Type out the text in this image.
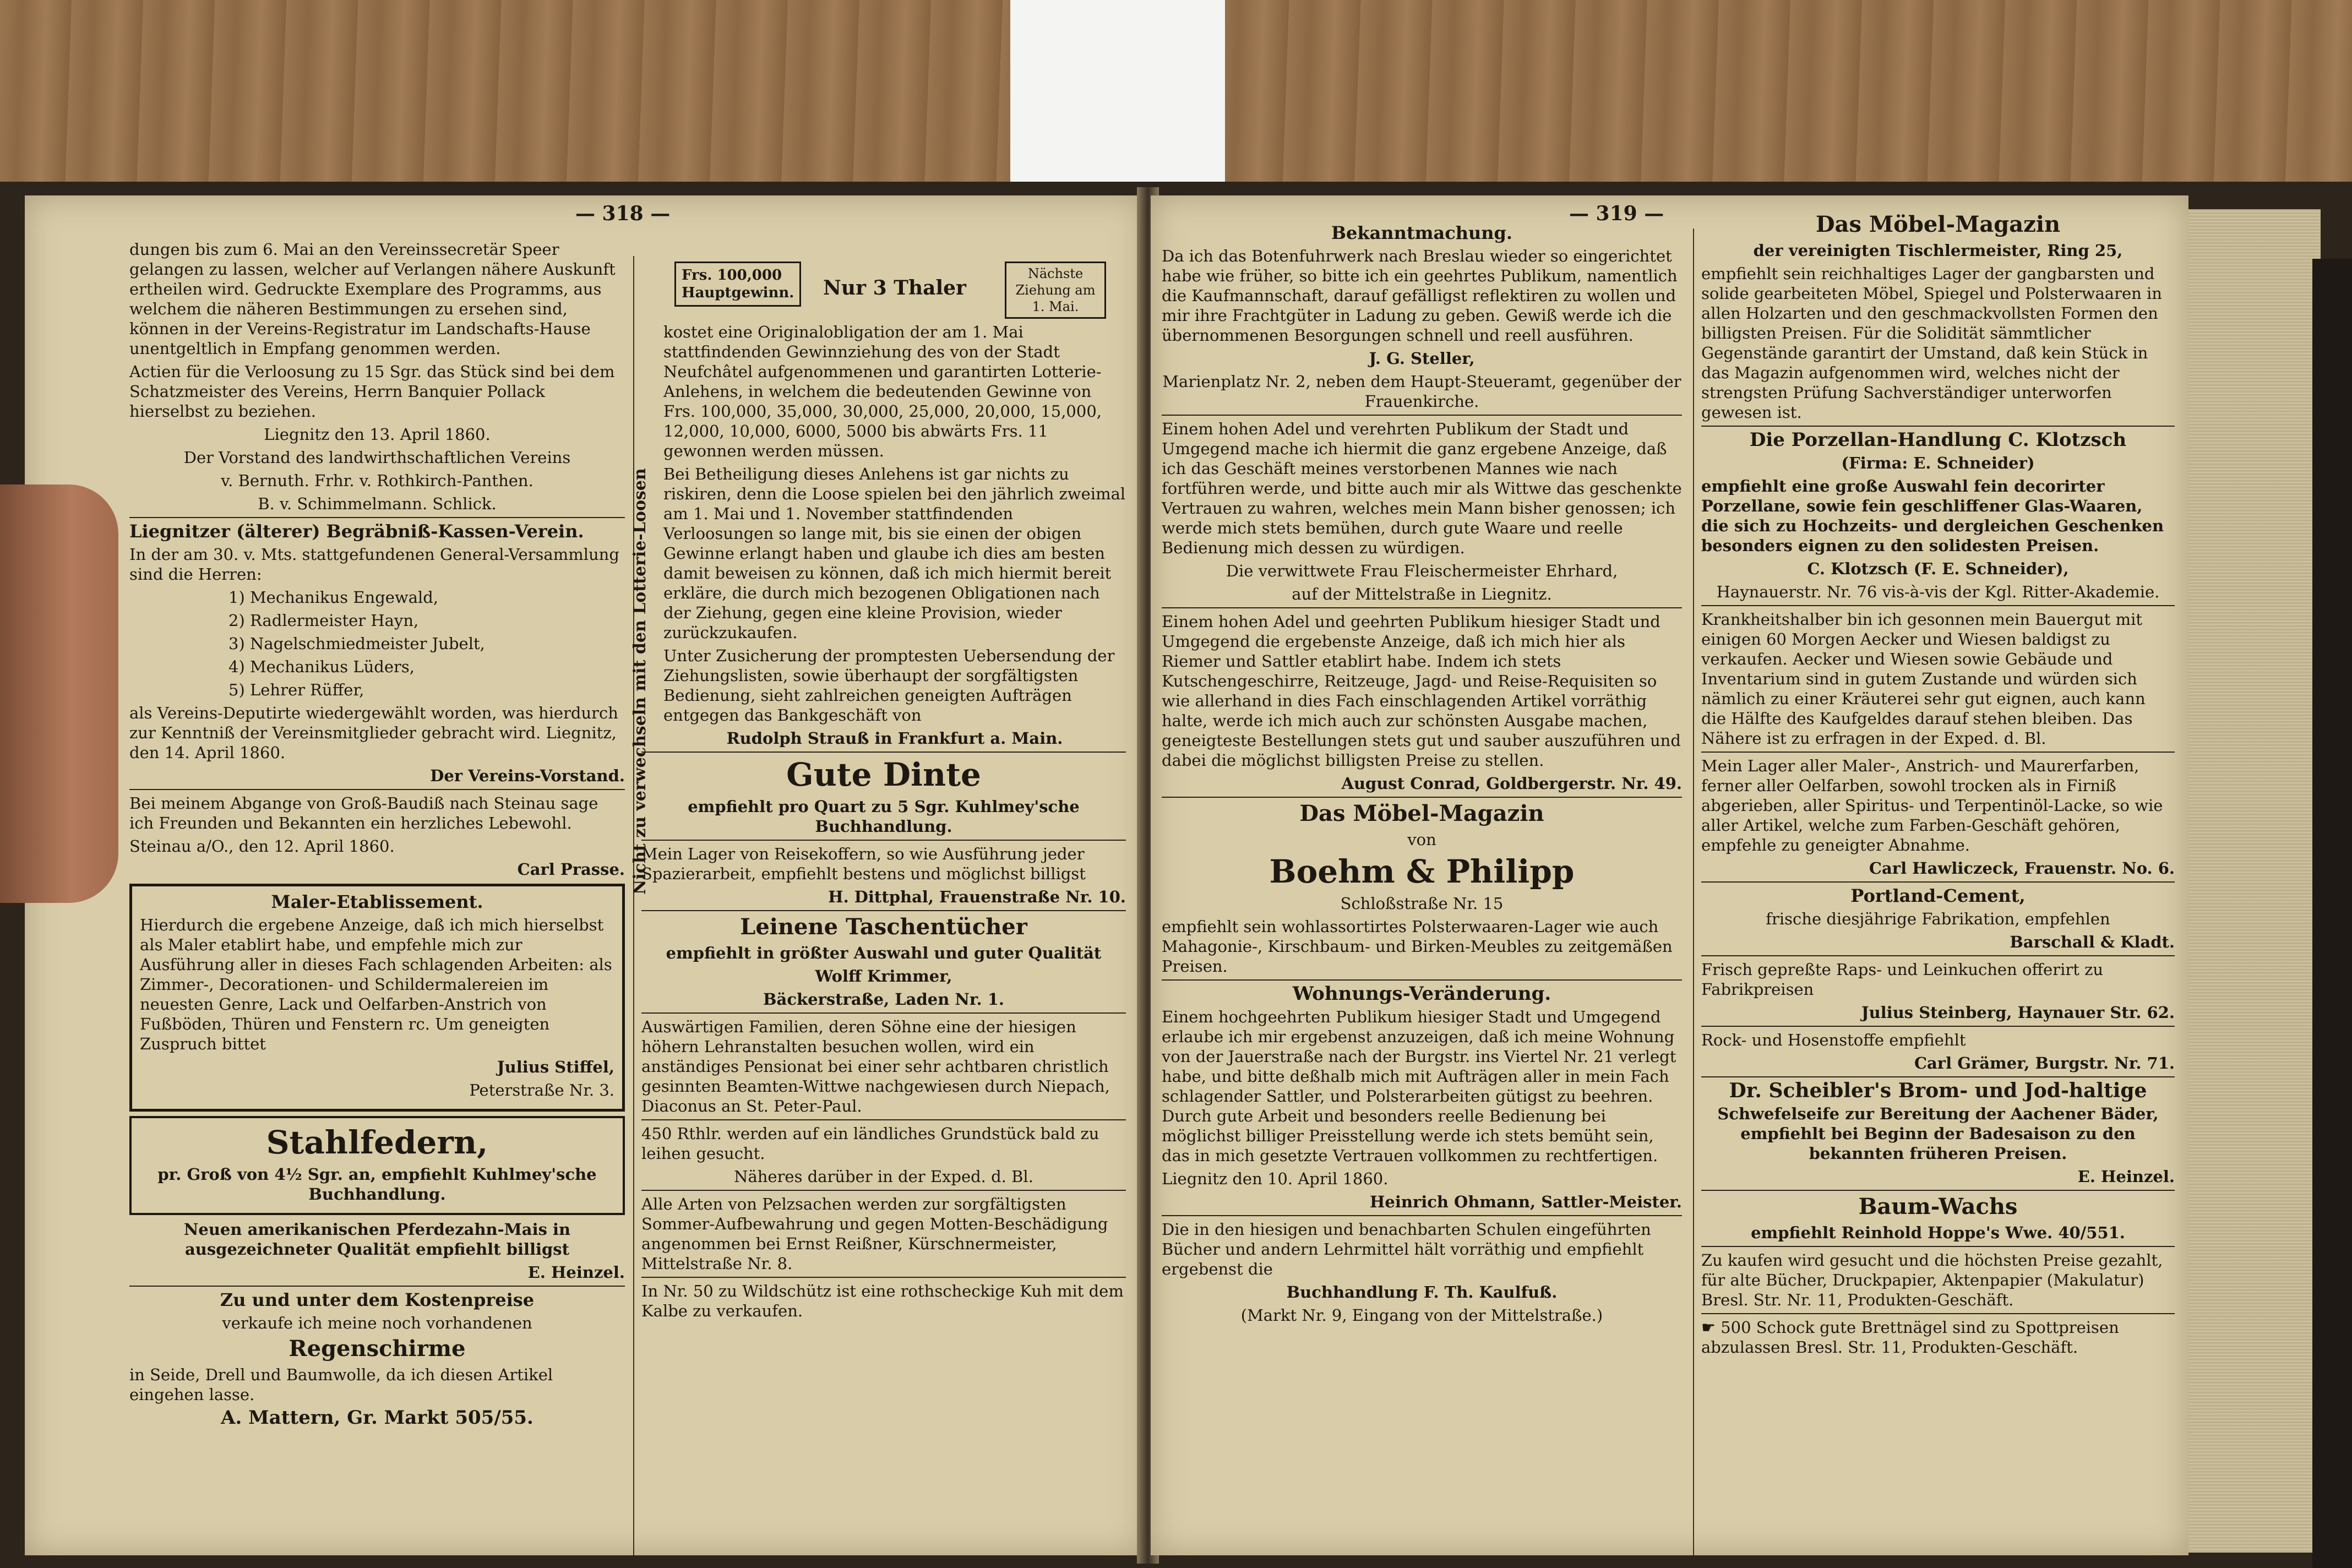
— 318 —

dungen bis zum 6. Mai an den Vereinssecretär Speer gelangen zu lassen, welcher auf Verlangen nähere Auskunft ertheilen wird. Gedruckte Exemplare des Programms, aus welchem die näheren Bestimmungen zu ersehen sind, können in der Vereins-Registratur im Landschafts-Hause unentgeltlich in Empfang genommen werden.

Actien für die Verloosung zu 15 Sgr. das Stück sind bei dem Schatzmeister des Vereins, Herrn Banquier Pollack hierselbst zu beziehen.

Liegnitz den 13. April 1860.

Der Vorstand des landwirthschaftlichen Vereins

v. Bernuth. Frhr. v. Rothkirch-Panthen.

B. v. Schimmelmann. Schlick.

Liegnitzer (älterer) Begräbniß-Kassen-Verein.

In der am 30. v. Mts. stattgefundenen General-Versammlung sind die Herren:

1) Mechanikus Engewald,

2) Radlermeister Hayn,

3) Nagelschmiedmeister Jubelt,

4) Mechanikus Lüders,

5) Lehrer Rüffer,

als Vereins-Deputirte wiedergewählt worden, was hierdurch zur Kenntniß der Vereinsmitglieder gebracht wird. Liegnitz, den 14. April 1860.

Der Vereins-Vorstand.

Bei meinem Abgange von Groß-Baudiß nach Steinau sage ich Freunden und Bekannten ein herzliches Lebewohl.

Steinau a/O., den 12. April 1860.

Carl Prasse.

Maler-Etablissement.

Hierdurch die ergebene Anzeige, daß ich mich hierselbst als Maler etablirt habe, und empfehle mich zur Ausführung aller in dieses Fach schlagenden Arbeiten: als Zimmer-, Decorationen- und Schildermalereien im neuesten Genre, Lack und Oelfarben-Anstrich von Fußböden, Thüren und Fenstern rc. Um geneigten Zuspruch bittet

Julius Stiffel,

Peterstraße Nr. 3.

Stahlfedern,

pr. Groß von 4½ Sgr. an, empfiehlt Kuhlmey'sche Buchhandlung.

Neuen amerikanischen Pferdezahn-Mais in ausgezeichneter Qualität empfiehlt billigst

E. Heinzel.

Zu und unter dem Kostenpreise

verkaufe ich meine noch vorhandenen

Regenschirme

in Seide, Drell und Baumwolle, da ich diesen Artikel eingehen lasse.

A. Mattern, Gr. Markt 505/55.

Frs. 100,000
Hauptgewinn. Nur 3 Thaler
Nächste Ziehung am 1. Mai.
Nicht zu verwechseln mit den Lotterie-Loosen

kostet eine Originalobligation der am 1. Mai stattfindenden Gewinnziehung des von der Stadt Neufchâtel aufgenommenen und garantirten Lotterie-Anlehens, in welchem die bedeutenden Gewinne von Frs. 100,000, 35,000, 30,000, 25,000, 20,000, 15,000, 12,000, 10,000, 6000, 5000 bis abwärts Frs. 11 gewonnen werden müssen.

Bei Betheiligung dieses Anlehens ist gar nichts zu riskiren, denn die Loose spielen bei den jährlich zweimal am 1. Mai und 1. November stattfindenden Verloosungen so lange mit, bis sie einen der obigen Gewinne erlangt haben und glaube ich dies am besten damit beweisen zu können, daß ich mich hiermit bereit erkläre, die durch mich bezogenen Obligationen nach der Ziehung, gegen eine kleine Provision, wieder zurückzukaufen.

Unter Zusicherung der promptesten Uebersendung der Ziehungslisten, sowie überhaupt der sorgfältigsten Bedienung, sieht zahlreichen geneigten Aufträgen entgegen das Bankgeschäft von

Rudolph Strauß in Frankfurt a. Main.

Gute Dinte

empfiehlt pro Quart zu 5 Sgr. Kuhlmey'sche Buchhandlung.

Mein Lager von Reisekoffern, so wie Ausführung jeder Spazierarbeit, empfiehlt bestens und möglichst billigst

H. Dittphal, Frauenstraße Nr. 10.

Leinene Taschentücher

empfiehlt in größter Auswahl und guter Qualität

Wolff Krimmer,

Bäckerstraße, Laden Nr. 1.

Auswärtigen Familien, deren Söhne eine der hiesigen höhern Lehranstalten besuchen wollen, wird ein anständiges Pensionat bei einer sehr achtbaren christlich gesinnten Beamten-Wittwe nachgewiesen durch Niepach, Diaconus an St. Peter-Paul.

450 Rthlr. werden auf ein ländliches Grundstück bald zu leihen gesucht.

Näheres darüber in der Exped. d. Bl.

Alle Arten von Pelzsachen werden zur sorgfältigsten Sommer-Aufbewahrung und gegen Motten-Beschädigung angenommen bei Ernst Reißner, Kürschnermeister, Mittelstraße Nr. 8.

In Nr. 50 zu Wildschütz ist eine rothscheckige Kuh mit dem Kalbe zu verkaufen.

— 319 —

Bekanntmachung.

Da ich das Botenfuhrwerk nach Breslau wieder so eingerichtet habe wie früher, so bitte ich ein geehrtes Publikum, namentlich die Kaufmannschaft, darauf gefälligst reflektiren zu wollen und mir ihre Frachtgüter in Ladung zu geben. Gewiß werde ich die übernommenen Besorgungen schnell und reell ausführen.

J. G. Steller,

Marienplatz Nr. 2, neben dem Haupt-Steueramt, gegenüber der Frauenkirche.

Einem hohen Adel und verehrten Publikum der Stadt und Umgegend mache ich hiermit die ganz ergebene Anzeige, daß ich das Geschäft meines verstorbenen Mannes wie nach fortführen werde, und bitte auch mir als Wittwe das geschenkte Vertrauen zu wahren, welches mein Mann bisher genossen; ich werde mich stets bemühen, durch gute Waare und reelle Bedienung mich dessen zu würdigen.

Die verwittwete Frau Fleischermeister Ehrhard,

auf der Mittelstraße in Liegnitz.

Einem hohen Adel und geehrten Publikum hiesiger Stadt und Umgegend die ergebenste Anzeige, daß ich mich hier als Riemer und Sattler etablirt habe. Indem ich stets Kutschengeschirre, Reitzeuge, Jagd- und Reise-Requisiten so wie allerhand in dies Fach einschlagenden Artikel vorräthig halte, werde ich mich auch zur schönsten Ausgabe machen, geneigteste Bestellungen stets gut und sauber auszuführen und dabei die möglichst billigsten Preise zu stellen.

August Conrad, Goldbergerstr. Nr. 49.

Das Möbel-Magazin

von

Boehm & Philipp

Schloßstraße Nr. 15

empfiehlt sein wohlassortirtes Polsterwaaren-Lager wie auch Mahagonie-, Kirschbaum- und Birken-Meubles zu zeitgemäßen Preisen.

Wohnungs-Veränderung.

Einem hochgeehrten Publikum hiesiger Stadt und Umgegend erlaube ich mir ergebenst anzuzeigen, daß ich meine Wohnung von der Jauerstraße nach der Burgstr. ins Viertel Nr. 21 verlegt habe, und bitte deßhalb mich mit Aufträgen aller in mein Fach schlagender Sattler, und Polsterarbeiten gütigst zu beehren. Durch gute Arbeit und besonders reelle Bedienung bei möglichst billiger Preisstellung werde ich stets bemüht sein, das in mich gesetzte Vertrauen vollkommen zu rechtfertigen.

Liegnitz den 10. April 1860.

Heinrich Ohmann, Sattler-Meister.

Die in den hiesigen und benachbarten Schulen eingeführten Bücher und andern Lehrmittel hält vorräthig und empfiehlt ergebenst die

Buchhandlung F. Th. Kaulfuß.

(Markt Nr. 9, Eingang von der Mittelstraße.)

Das Möbel-Magazin

der vereinigten Tischlermeister, Ring 25,

empfiehlt sein reichhaltiges Lager der gangbarsten und solide gearbeiteten Möbel, Spiegel und Polsterwaaren in allen Holzarten und den geschmackvollsten Formen den billigsten Preisen. Für die Solidität sämmtlicher Gegenstände garantirt der Umstand, daß kein Stück in das Magazin aufgenommen wird, welches nicht der strengsten Prüfung Sachverständiger unterworfen gewesen ist.

Die Porzellan-Handlung C. Klotzsch

(Firma: E. Schneider)

empfiehlt eine große Auswahl fein decorirter Porzellane, sowie fein geschliffener Glas-Waaren, die sich zu Hochzeits- und dergleichen Geschenken besonders eignen zu den solidesten Preisen.

C. Klotzsch (F. E. Schneider),

Haynauerstr. Nr. 76 vis-à-vis der Kgl. Ritter-Akademie.

Krankheitshalber bin ich gesonnen mein Bauergut mit einigen 60 Morgen Aecker und Wiesen baldigst zu verkaufen. Aecker und Wiesen sowie Gebäude und Inventarium sind in gutem Zustande und würden sich nämlich zu einer Kräuterei sehr gut eignen, auch kann die Hälfte des Kaufgeldes darauf stehen bleiben. Das Nähere ist zu erfragen in der Exped. d. Bl.

Mein Lager aller Maler-, Anstrich- und Maurerfarben, ferner aller Oelfarben, sowohl trocken als in Firniß abgerieben, aller Spiritus- und Terpentinöl-Lacke, so wie aller Artikel, welche zum Farben-Geschäft gehören, empfehle zu geneigter Abnahme.

Carl Hawliczeck, Frauenstr. No. 6.

Portland-Cement,

frische diesjährige Fabrikation, empfehlen

Barschall & Kladt.

Frisch gepreßte Raps- und Leinkuchen offerirt zu Fabrikpreisen

Julius Steinberg, Haynauer Str. 62.

Rock- und Hosenstoffe empfiehlt

Carl Grämer, Burgstr. Nr. 71.

Dr. Scheibler's Brom- und Jod-haltige

Schwefelseife zur Bereitung der Aachener Bäder, empfiehlt bei Beginn der Badesaison zu den bekannten früheren Preisen.

E. Heinzel.

Baum-Wachs

empfiehlt Reinhold Hoppe's Wwe. 40/551.

Zu kaufen wird gesucht und die höchsten Preise gezahlt, für alte Bücher, Druckpapier, Aktenpapier (Makulatur) Bresl. Str. Nr. 11, Produkten-Geschäft.

☛ 500 Schock gute Brettnägel sind zu Spottpreisen abzulassen Bresl. Str. 11, Produkten-Geschäft.
